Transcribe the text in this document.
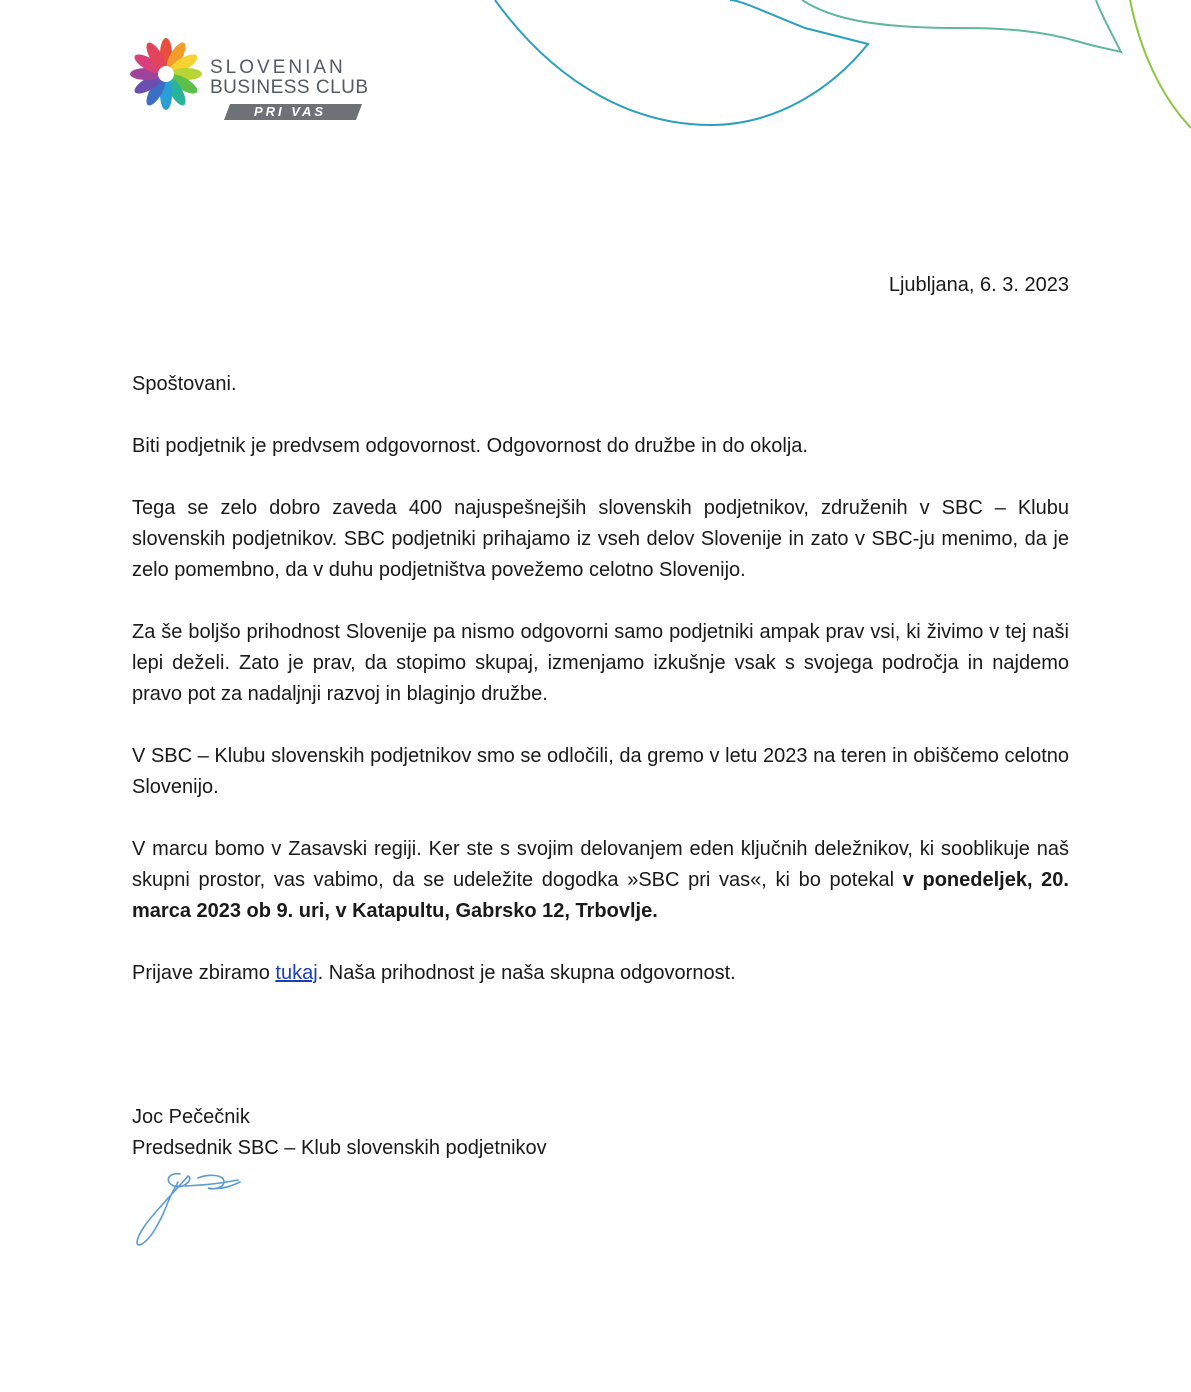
SLOVENIAN
BUSINESS CLUB
PRI VAS
Ljubljana, 6. 3. 2023

Spoštovani.

Biti podjetnik je predvsem odgovornost. Odgovornost do družbe in do okolja.

Tega se zelo dobro zaveda 400 najuspešnejših slovenskih podjetnikov, združenih v SBC – Klubu slovenskih podjetnikov. SBC podjetniki prihajamo iz vseh delov Slovenije in zato v SBC-ju menimo, da je zelo pomembno, da v duhu podjetništva povežemo celotno Slovenijo.

Za še boljšo prihodnost Slovenije pa nismo odgovorni samo podjetniki ampak prav vsi, ki živimo v tej naši lepi deželi. Zato je prav, da stopimo skupaj, izmenjamo izkušnje vsak s svojega področja in najdemo pravo pot za nadaljnji razvoj in blaginjo družbe.

V SBC – Klubu slovenskih podjetnikov smo se odločili, da gremo v letu 2023 na teren in obiščemo celotno Slovenijo.

V marcu bomo v Zasavski regiji. Ker ste s svojim delovanjem eden ključnih deležnikov, ki sooblikuje naš skupni prostor, vas vabimo, da se udeležite dogodka »SBC pri vas«, ki bo potekal v ponedeljek, 20. marca 2023 ob 9. uri, v Katapultu, Gabrsko 12, Trbovlje.

Prijave zbiramo tukaj. Naša prihodnost je naša skupna odgovornost.

Joc Pečečnik
Predsednik SBC – Klub slovenskih podjetnikov
